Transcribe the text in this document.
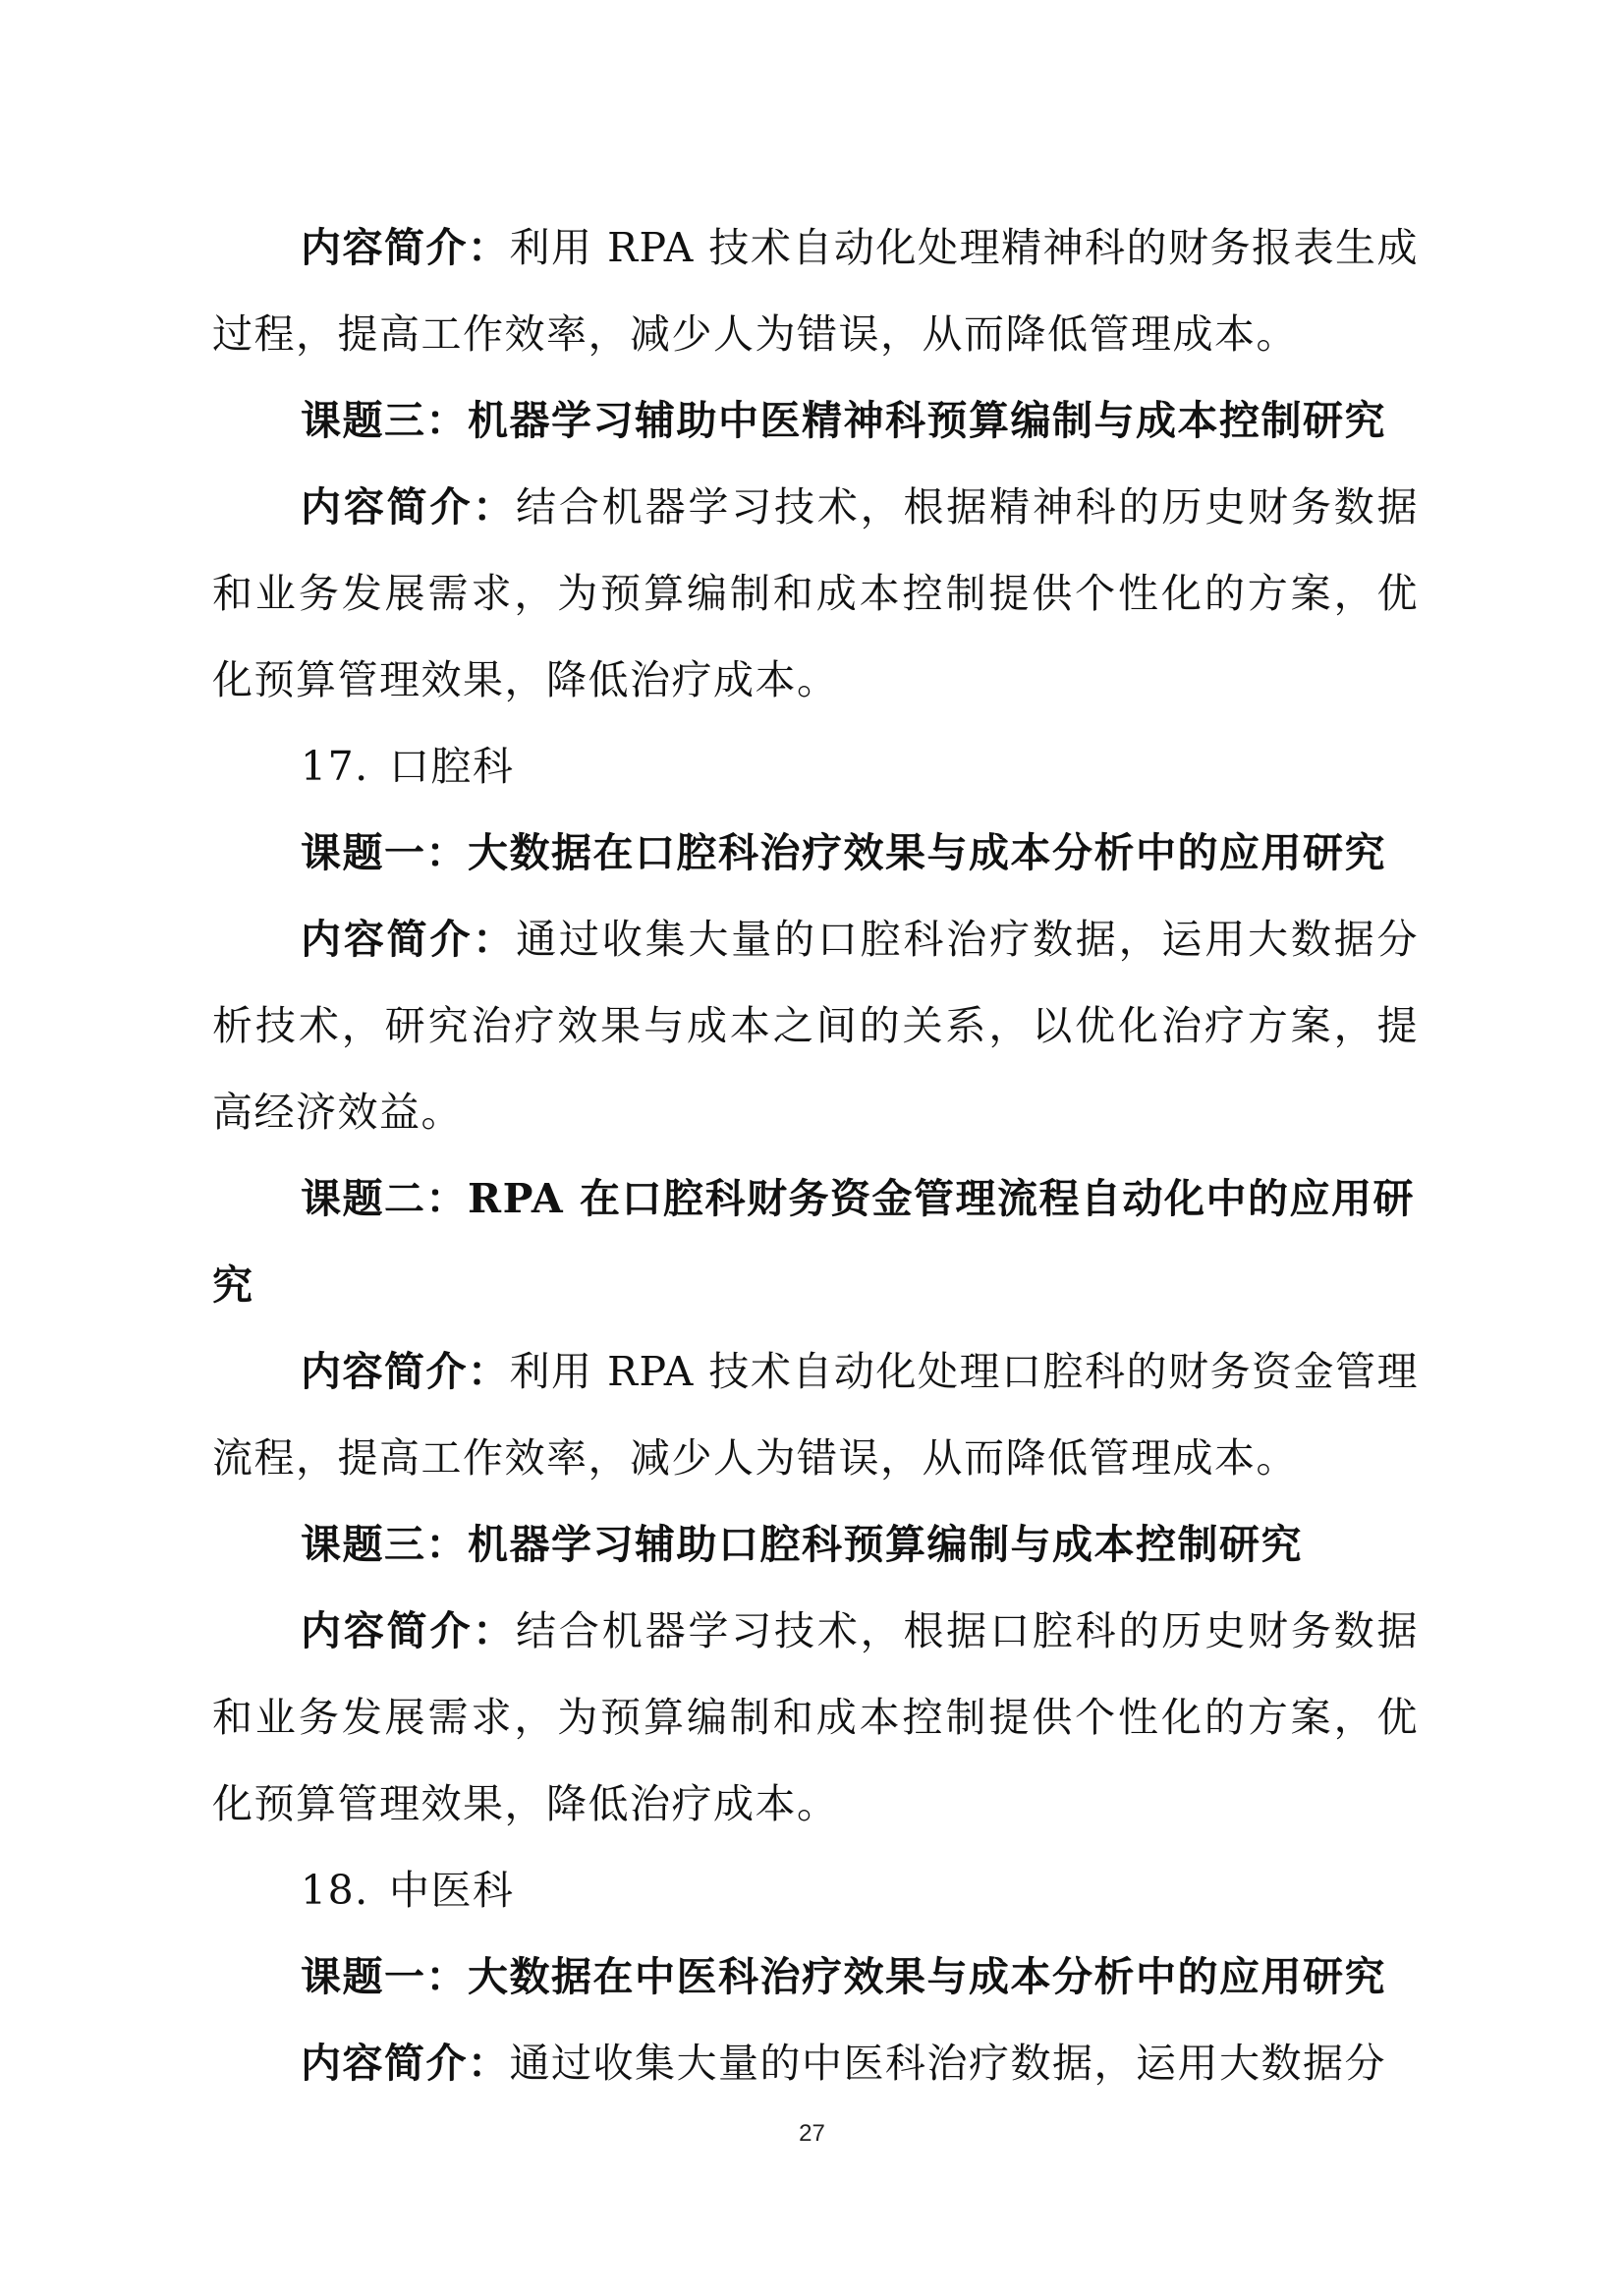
内容简介：利用 RPA 技术自动化处理精神科的财务报表生成过程，提高工作效率，减少人为错误，从而降低管理成本。

课题三：机器学习辅助中医精神科预算编制与成本控制研究

内容简介：结合机器学习技术，根据精神科的历史财务数据和业务发展需求，为预算编制和成本控制提供个性化的方案，优化预算管理效果，降低治疗成本。

17. 口腔科

课题一：大数据在口腔科治疗效果与成本分析中的应用研究

内容简介：通过收集大量的口腔科治疗数据，运用大数据分析技术，研究治疗效果与成本之间的关系，以优化治疗方案，提高经济效益。

课题二：RPA 在口腔科财务资金管理流程自动化中的应用研究

内容简介：利用 RPA 技术自动化处理口腔科的财务资金管理流程，提高工作效率，减少人为错误，从而降低管理成本。

课题三：机器学习辅助口腔科预算编制与成本控制研究

内容简介：结合机器学习技术，根据口腔科的历史财务数据和业务发展需求，为预算编制和成本控制提供个性化的方案，优化预算管理效果，降低治疗成本。

18. 中医科

课题一：大数据在中医科治疗效果与成本分析中的应用研究

内容简介：通过收集大量的中医科治疗数据，运用大数据分

27
